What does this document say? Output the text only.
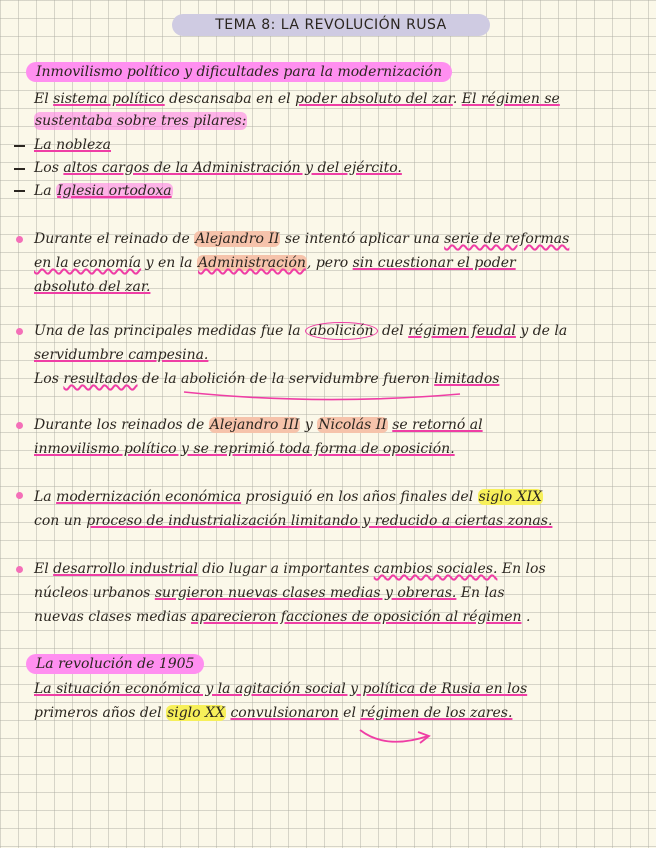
TEMA 8: LA REVOLUCIÓN RUSA
Inmovilismo político y dificultades para la modernización
El sistema político descansaba en el poder absoluto del zar. El régimen se
sustentaba sobre tres pilares:
La nobleza
Los altos cargos de la Administración y del ejército.
La Iglesia ortodoxa
Durante el reinado de Alejandro II se intentó aplicar una serie de reformas
en la economía y en la Administración, pero sin cuestionar el poder
absoluto del zar.
Una de las principales medidas fue la abolición del régimen feudal y de la
servidumbre campesina.
Los resultados de la abolición de la servidumbre fueron limitados
Durante los reinados de Alejandro III y Nicolás II se retornó al
inmovilismo político y se reprimió toda forma de oposición.
La modernización económica prosiguió en los años finales del siglo XIX
con un proceso de industrialización limitando y reducido a ciertas zonas.
El desarrollo industrial dio lugar a importantes cambios sociales. En los
núcleos urbanos surgieron nuevas clases medias y obreras. En las
nuevas clases medias aparecieron facciones de oposición al régimen .
La revolución de 1905
La situación económica y la agitación social y política de Rusia en los
primeros años del siglo XX convulsionaron el régimen de los zares.
